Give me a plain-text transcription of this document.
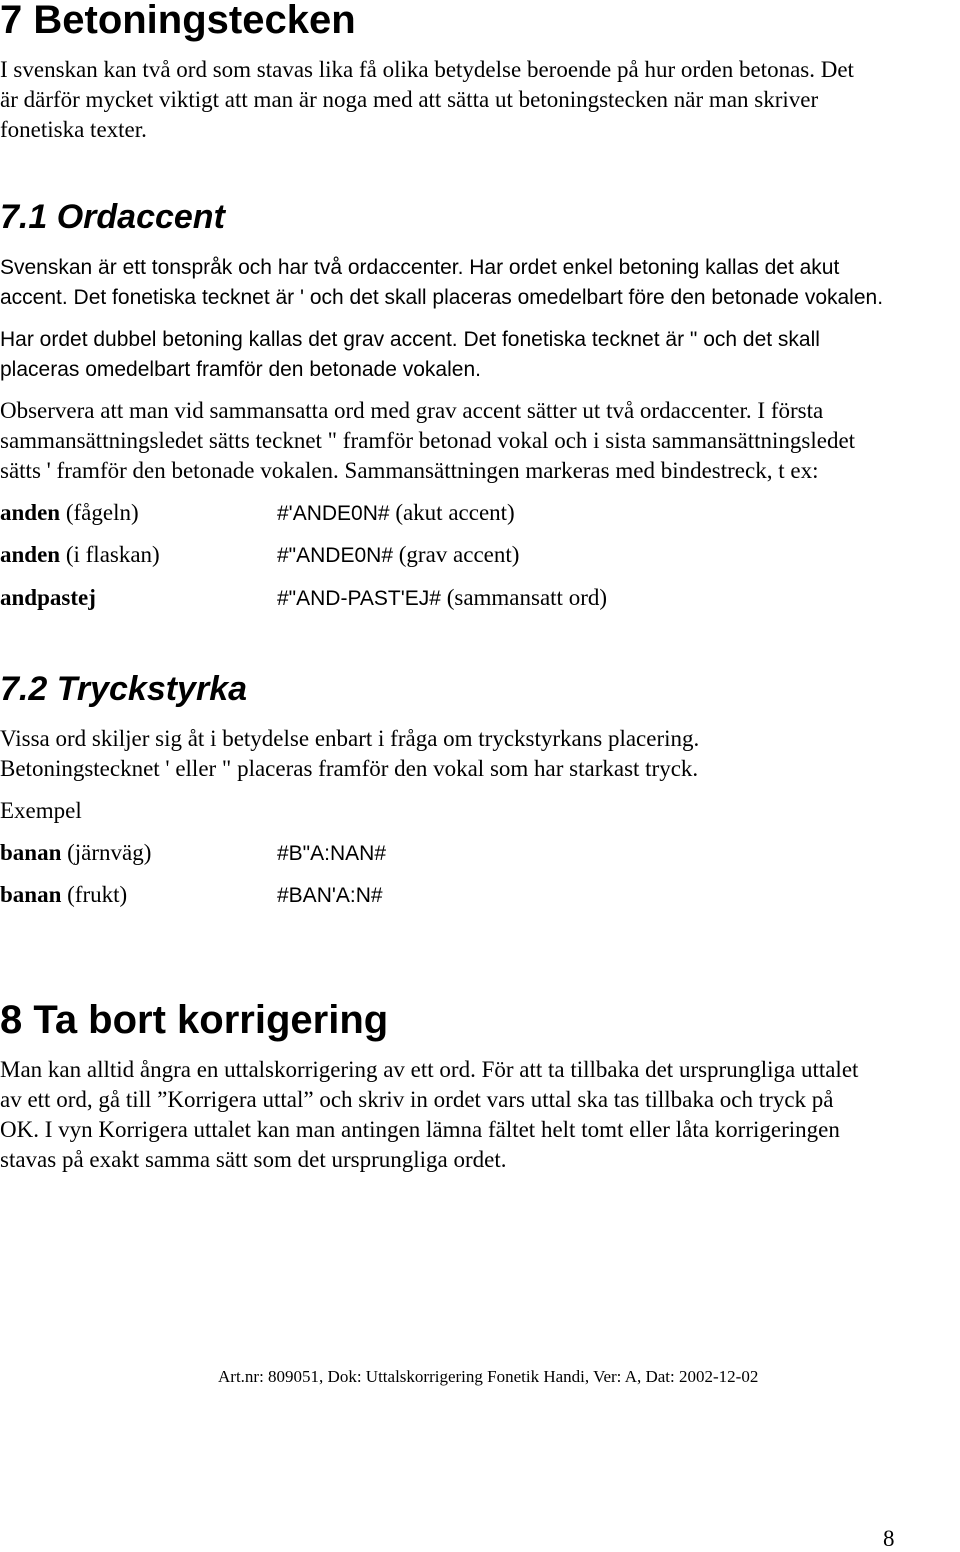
7 Betoningstecken
I svenskan kan två ord som stavas lika få olika betydelse beroende på hur orden betonas. Det
är därför mycket viktigt att man är noga med att sätta ut betoningstecken när man skriver
fonetiska texter.
7.1 Ordaccent
Svenskan är ett tonspråk och har två ordaccenter. Har ordet enkel betoning kallas det akut
accent. Det fonetiska tecknet är ' och det skall placeras omedelbart före den betonade vokalen.
Har ordet dubbel betoning kallas det grav accent. Det fonetiska tecknet är " och det skall
placeras omedelbart framför den betonade vokalen.
Observera att man vid sammansatta ord med grav accent sätter ut två ordaccenter. I första
sammansättningsledet sätts tecknet " framför betonad vokal och i sista sammansättningsledet
sätts ' framför den betonade vokalen. Sammansättningen markeras med bindestreck, t ex:
anden (fågeln)	#'ANDE0N# (akut accent)
anden (i flaskan)	#"ANDE0N# (grav accent)
andpastej	#"AND-PAST'EJ# (sammansatt ord)
7.2 Tryckstyrka
Vissa ord skiljer sig åt i betydelse enbart i fråga om tryckstyrkans placering.
Betoningstecknet ' eller " placeras framför den vokal som har starkast tryck.
Exempel
banan (järnväg)	#B"A:NAN#
banan (frukt)	#BAN'A:N#
8 Ta bort korrigering
Man kan alltid ångra en uttalskorrigering av ett ord. För att ta tillbaka det ursprungliga uttalet
av ett ord, gå till ”Korrigera uttal” och skriv in ordet vars uttal ska tas tillbaka och tryck på
OK. I vyn Korrigera uttalet kan man antingen lämna fältet helt tomt eller låta korrigeringen
stavas på exakt samma sätt som det ursprungliga ordet.
Art.nr: 809051, Dok: Uttalskorrigering Fonetik Handi, Ver: A, Dat: 2002-12-02
8
